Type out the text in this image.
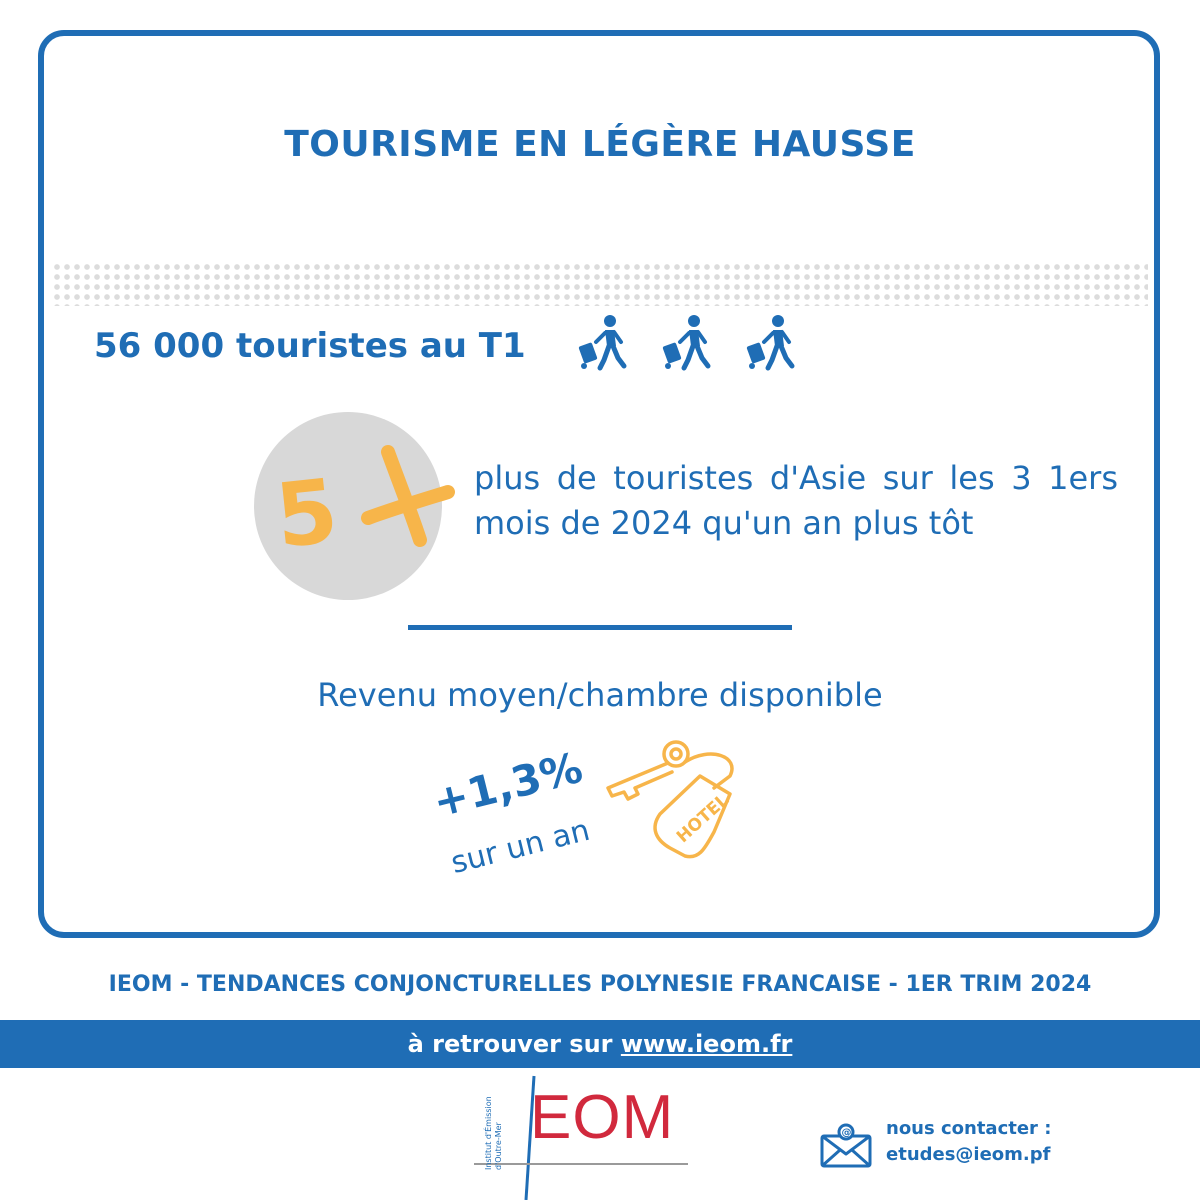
TOURISME EN LÉGÈRE HAUSSE
56 000 touristes au T1
5	plus de touristes d'Asie sur les 3 1ers mois de 2024 qu'un an plus tôt
Revenu moyen/chambre disponible
+1,3%
sur un an	HOTEL
IEOM - TENDANCES CONJONCTURELLES POLYNESIE FRANCAISE - 1ER TRIM 2024
à retrouver sur www.ieom.fr
Institut d'Émission d'Outre-Mer EOM	@ nous contacter :
etudes@ieom.pf
